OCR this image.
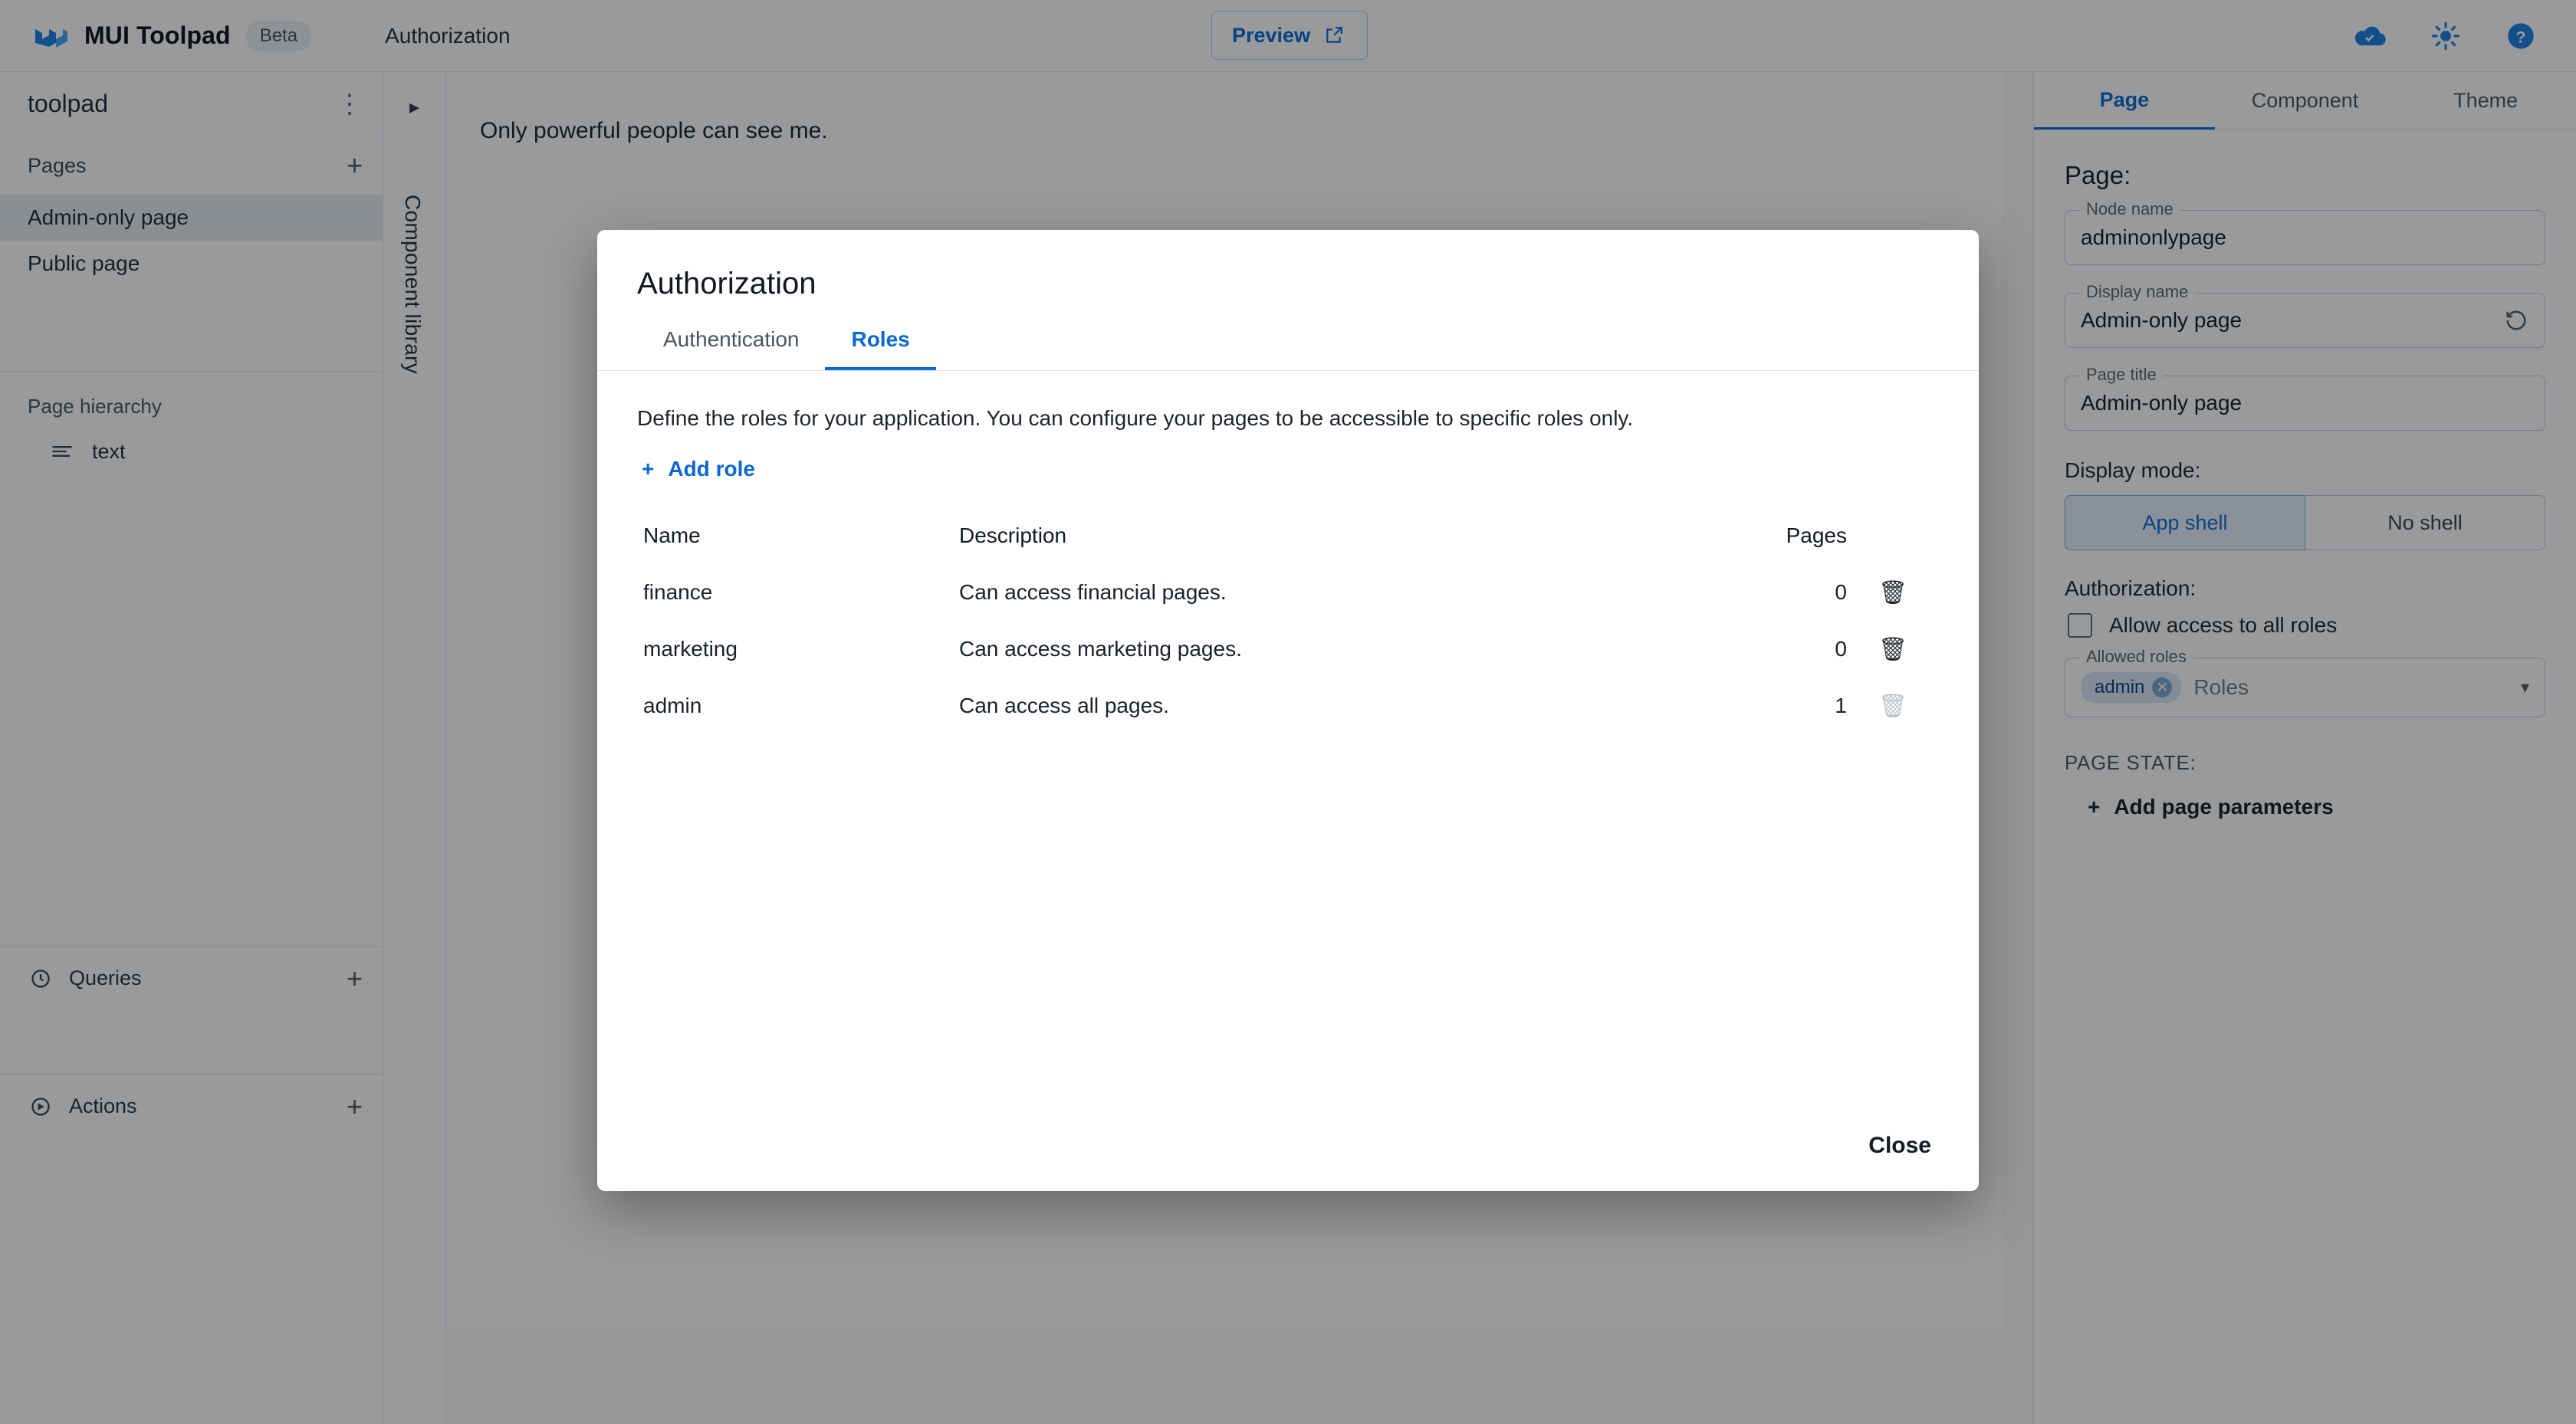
MUI Toolpad	Beta	Authorization	Preview	?
toolpad	⋮
Pages	+
Admin-only page
Public page
Page hierarchy
text
Queries	+
Actions	+
▸
Component library
Only powerful people can see me.
Page	Component	Theme
Page:
Node name
adminonlypage
Display name
Admin-only page
Page title
Admin-only page
Display mode:
App shell	No shell
Authorization:
Allow access to all roles
Allowed roles
admin ✕ Roles	▾
PAGE STATE:
+ Add page parameters
Authorization
Authentication	Roles
Define the roles for your application. You can configure your pages to be accessible to specific roles only.
+ Add role
Name	Description	Pages
finance	Can access financial pages.	0	🗑
marketing	Can access marketing pages.	0	🗑
admin	Can access all pages.	1	🗑
Close
